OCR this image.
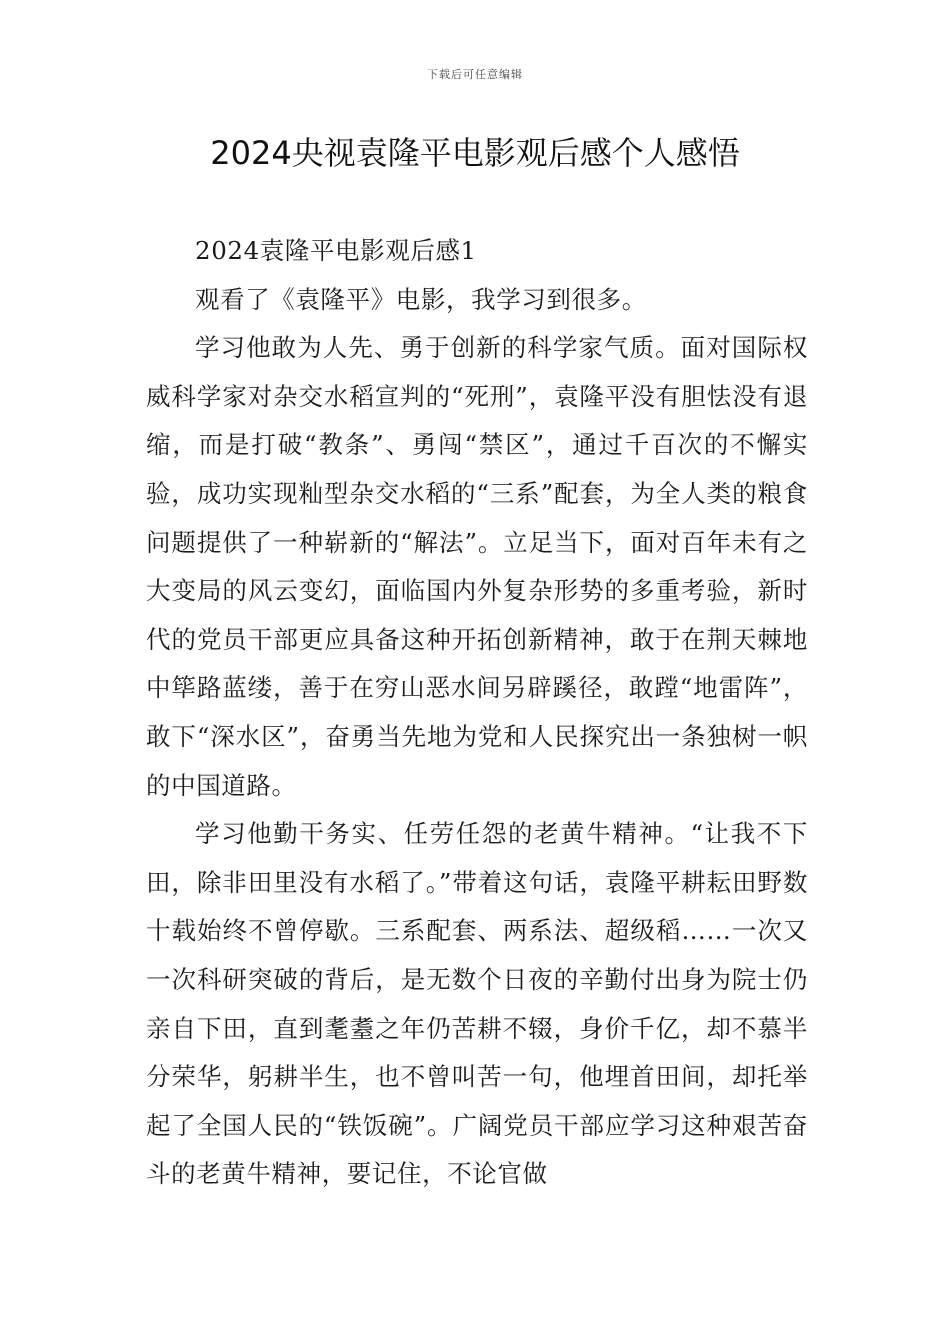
下载后可任意编辑
2024央视袁隆平电影观后感个人感悟

2024袁隆平电影观后感1

观看了《袁隆平》电影，我学习到很多。

学习他敢为人先、勇于创新的科学家气质。面对国际权威科学家对杂交水稻宣判的“死刑”，袁隆平没有胆怯没有退缩，而是打破“教条”、勇闯“禁区”，通过千百次的不懈实验，成功实现籼型杂交水稻的“三系”配套，为全人类的粮食问题提供了一种崭新的“解法”。立足当下，面对百年未有之大变局的风云变幻，面临国内外复杂形势的多重考验，新时代的党员干部更应具备这种开拓创新精神，敢于在荆天棘地中筚路蓝缕，善于在穷山恶水间另辟蹊径，敢蹚“地雷阵”，敢下“深水区”，奋勇当先地为党和人民探究出一条独树一帜的中国道路。

学习他勤干务实、任劳任怨的老黄牛精神。“让我不下田，除非田里没有水稻了。”带着这句话，袁隆平耕耘田野数十载始终不曾停歇。三系配套、两系法、超级稻……一次又一次科研突破的背后，是无数个日夜的辛勤付出身为院士仍亲自下田，直到耄耋之年仍苦耕不辍，身价千亿，却不慕半分荣华，躬耕半生，也不曾叫苦一句，他埋首田间，却托举起了全国人民的“铁饭碗”。广阔党员干部应学习这种艰苦奋斗的老黄牛精神，要记住，不论官做
